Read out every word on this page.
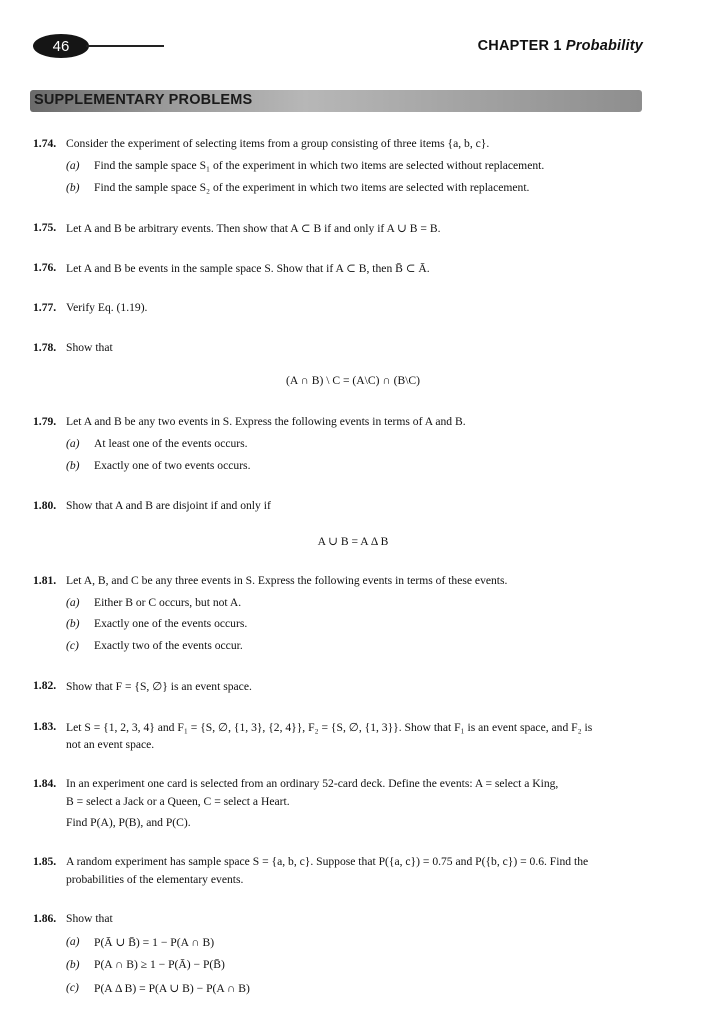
46	CHAPTER 1 Probability
SUPPLEMENTARY PROBLEMS
1.74. Consider the experiment of selecting items from a group consisting of three items {a, b, c}.
(a) Find the sample space S₁ of the experiment in which two items are selected without replacement.
(b) Find the sample space S₂ of the experiment in which two items are selected with replacement.
1.75. Let A and B be arbitrary events. Then show that A ⊂ B if and only if A ∪ B = B.
1.76. Let A and B be events in the sample space S. Show that if A ⊂ B, then B̄ ⊂ Ā.
1.77. Verify Eq. (1.19).
1.78. Show that
(A ∩ B) \ C = (A\C) ∩ (B\C)
1.79. Let A and B be any two events in S. Express the following events in terms of A and B.
(a) At least one of the events occurs.
(b) Exactly one of two events occurs.
1.80. Show that A and B are disjoint if and only if
A ∪ B = A Δ B
1.81. Let A, B, and C be any three events in S. Express the following events in terms of these events.
(a) Either B or C occurs, but not A.
(b) Exactly one of the events occurs.
(c) Exactly two of the events occur.
1.82. Show that F = {S, ∅} is an event space.
1.83. Let S = {1, 2, 3, 4} and F₁ = {S, ∅, {1, 3}, {2, 4}}, F₂ = {S, ∅, {1, 3}}. Show that F₁ is an event space, and F₂ is
not an event space.
1.84. In an experiment one card is selected from an ordinary 52-card deck. Define the events: A = select a King,
B = select a Jack or a Queen, C = select a Heart.
Find P(A), P(B), and P(C).
1.85. A random experiment has sample space S = {a, b, c}. Suppose that P({a, c}) = 0.75 and P({b, c}) = 0.6. Find the
probabilities of the elementary events.
1.86. Show that
(a) P(Ā ∪ B̄) = 1 − P(A ∩ B)
(b) P(A ∩ B) ≥ 1 − P(Ā) − P(B̄)
(c) P(A Δ B) = P(A ∪ B) − P(A ∩ B)
